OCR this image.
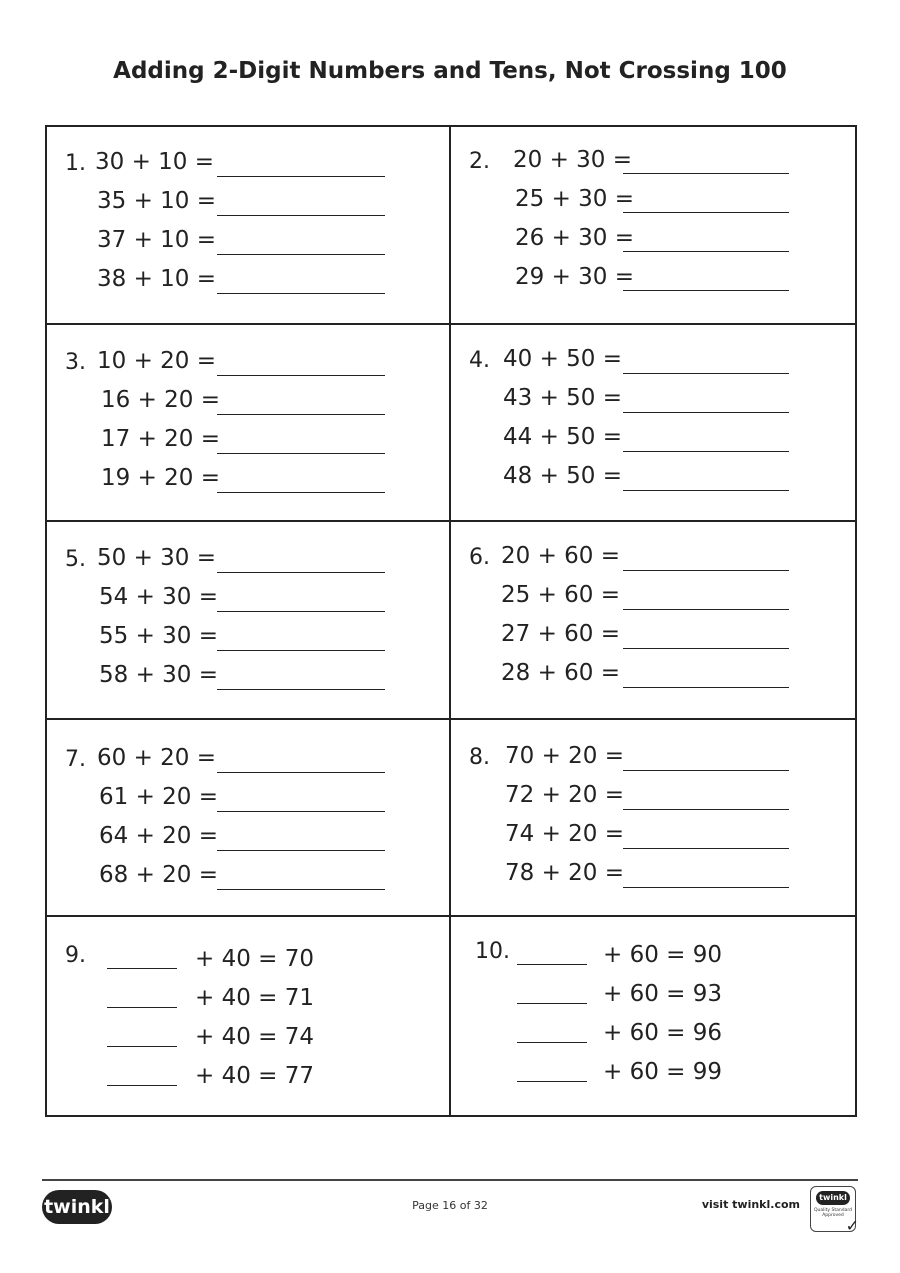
Adding 2-Digit Numbers and Tens, Not Crossing 100
1. 30 + 10 =
35 + 10 =
37 + 10 =
38 + 10 =
2. 20 + 30 =
25 + 30 =
26 + 30 =
29 + 30 =
3. 10 + 20 =
16 + 20 =
17 + 20 =
19 + 20 =
4. 40 + 50 =
43 + 50 =
44 + 50 =
48 + 50 =
5. 50 + 30 =
54 + 30 =
55 + 30 =
58 + 30 =
6. 20 + 60 =
25 + 60 =
27 + 60 =
28 + 60 =
7. 60 + 20 =
61 + 20 =
64 + 20 =
68 + 20 =
8. 70 + 20 =
72 + 20 =
74 + 20 =
78 + 20 =
9.	+ 40 = 70
+ 40 = 71
+ 40 = 74
+ 40 = 77
10.	+ 60 = 90
+ 60 = 93
+ 60 = 96
+ 60 = 99
twinkl	Page 16 of 32	visit twinkl.com
twinkl
Quality Standard Approved
✓
